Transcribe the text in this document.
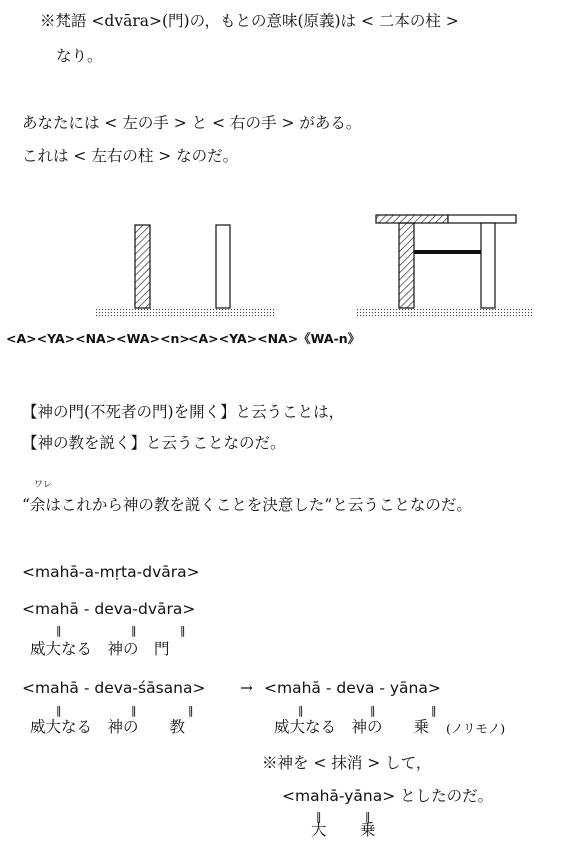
※梵語 <dvāra>(門)の，もとの意味(原義)は < 二本の柱 >
なり。
あなたには < 左の手 > と < 右の手 > がある。
これは < 左右の柱 > なのだ。
<A><YA><NA><WA><n>
<A><YA><NA>《WA-n》
【神の門(不死者の門)を開く】と云うことは，
【神の教を説く】と云うことなのだ。
ワレ
“余はこれから神の教を説くことを決意した”と云うことなのだ。
<mahā-a-mṛta-dvāra>
<mahā - deva-dvāra>
‖	‖	‖
威大なる　神の　門
<mahā - deva-śāsana> → <mahā - deva - yāna>
‖	‖	‖	‖	‖	‖
威大なる　神の　　教	威大なる　神の　　乗 (ノリモノ)
※神を < 抹消 > して，
<mahā-yāna> としたのだ。
‖	‖
大 乗
